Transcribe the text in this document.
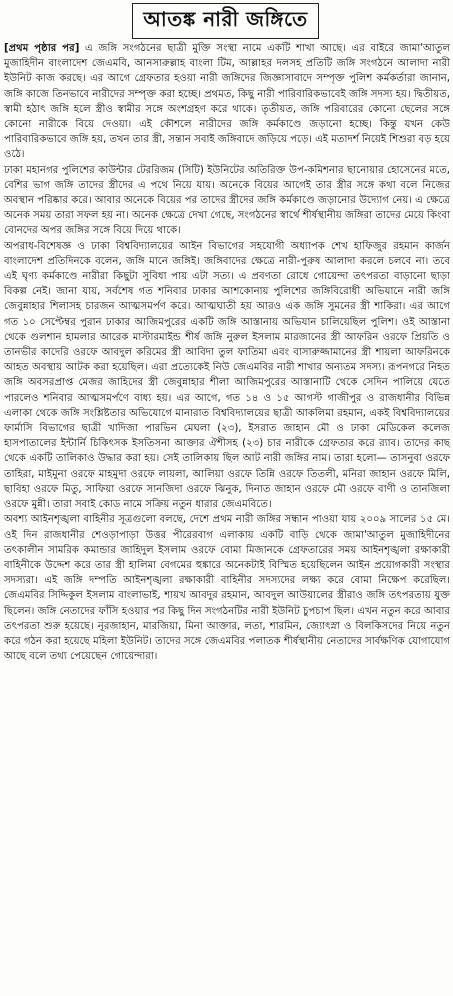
আতঙ্ক নারী জঙ্গিতে

[প্রথম পৃষ্ঠার পর] এ জঙ্গি সংগঠনের ছাত্রী মুক্তি সংস্থা নামে একটি শাখা আছে। এর বাইরে জামা'আতুল মুজাহিদীন বাংলাদেশ জেএমবি, আনসারুল্লাহ বাংলা টিম, আল্লাহর দলসহ প্রতিটি জঙ্গি সংগঠনে আলাদা নারী ইউনিট কাজ করছে। এর আগে গ্রেফতার হওয়া নারী জঙ্গিদের জিজ্ঞাসাবাদে সম্পৃক্ত পুলিশ কর্মকর্তারা জানান, জঙ্গি কাজে তিনভাবে নারীদের সম্পৃক্ত করা হচ্ছে। প্রথমত, কিছু নারী পারিবারিকভাবেই জঙ্গি সদস্য হয়। দ্বিতীয়ত, স্বামী হঠাৎ জঙ্গি হলে স্ত্রীও স্বামীর সঙ্গে অংশগ্রহণ করে থাকে। তৃতীয়ত, জঙ্গি পরিবারের কোনো ছেলের সঙ্গে কোনো নারীকে বিয়ে দেওয়া। এই কৌশলে নারীদের জঙ্গি কর্মকাণ্ডে জড়ানো হচ্ছে। কিন্তু যখন কেউ পারিবারিকভাবে জঙ্গি হয়, তখন তার স্ত্রী, সন্তান সবাই জঙ্গিবাদে জড়িয়ে পড়ে। এই মতাদর্শ নিয়েই শিশুরা বড় হয়ে ওঠে।

ঢাকা মহানগর পুলিশের কাউন্টার টেররিজম (সিটি) ইউনিটের অতিরিক্ত উপ-কমিশনার ছানোয়ার হোসেনের মতে, বেশির ভাগ জঙ্গি তাদের স্ত্রীদের এ পথে নিয়ে যায়। অনেকে বিয়ের আগেই তার স্ত্রীর সঙ্গে কথা বলে নিজের অবস্থান পরিষ্কার করে। আবার অনেকে বিয়ের পর তাদের স্ত্রীদের জঙ্গি কর্মকাণ্ডে জড়ানোর উদ্যোগ নেয়। এ ক্ষেত্রে অনেক সময় তারা সফল হয় না। অনেক ক্ষেত্রে দেখা গেছে, সংগঠনের স্বার্থে শীর্ষস্থানীয় জঙ্গিরা তাদের মেয়ে কিংবা বোনদের অপর জঙ্গির সঙ্গে বিয়ে দিয়ে থাকে।

অপরাধ-বিশেষজ্ঞ ও ঢাকা বিশ্ববিদ্যালয়ের আইন বিভাগের সহযোগী অধ্যাপক শেখ হাফিজুর রহমান কার্জন বাংলাদেশ প্রতিদিনকে বলেন, জঙ্গি মানে জঙ্গিই। জঙ্গিবাদের ক্ষেত্রে নারী-পুরুষ আলাদা করলে চলবে না। তবে এই ঘৃণ্য কর্মকাণ্ডে নারীরা কিছুটা সুবিধা পায় এটা সত্য। এ প্রবণতা রোধে গোয়েন্দা তৎপরতা বাড়ানো ছাড়া বিকল্প নেই। জানা যায়, সর্বশেষ গত শনিবার ঢাকার আশকোনায় পুলিশের জঙ্গিবিরোধী অভিযানে নারী জঙ্গি জেবুন্নাহার শিলাসহ চারজন আত্মসমর্পণ করে। আত্মঘাতী হয় আরও এক জঙ্গি সুমনের স্ত্রী শাকিরা। এর আগে গত ১০ সেপ্টেম্বর পুরান ঢাকার আজিমপুরের একটি জঙ্গি আস্তানায় অভিযান চালিয়েছিল পুলিশ। ওই আস্তানা থেকে গুলশান হামলার আরেক মাস্টারমাইন্ড শীর্ষ জঙ্গি নুরুল ইসলাম মারজানের স্ত্রী আফরিন ওরফে প্রিয়তি ও তানভীর কাদেরি ওরফে আবদুল করিমের স্ত্রী আবিদা তুল ফাতিমা এবং বাসারুজ্জামানের স্ত্রী শায়লা আফরিনকে আহত অবস্থায় আটক করা হয়েছিল। এরা প্রত্যেকেই নিউ জেএমবির নারী শাখার অন্যতম সদস্য। রূপনগরে নিহত জঙ্গি অবসরপ্রাপ্ত মেজর জাহিদের স্ত্রী জেবুন্নাহার শীলা আজিমপুরের আস্তানাটি থেকে সেদিন পালিয়ে যেতে পারলেও শনিবার আত্মসমর্পণে বাধ্য হয়। এর আগে, গত ১৪ ও ১৫ আগস্ট গাজীপুর ও রাজধানীর বিভিন্ন এলাকা থেকে জঙ্গি সংশ্লিষ্টতার অভিযোগে মানারাত বিশ্ববিদ্যালয়ের ছাত্রী আকলিমা রহমান, একই বিশ্ববিদ্যালয়ের ফার্মাসি বিভাগের ছাত্রী খাদিজা পারভিন মেঘলা (২৩), ইসরাত জাহান মৌ ও ঢাকা মেডিকেল কলেজ হাসপাতালের ইন্টার্নি চিকিৎসক ইসতিসনা আক্তার ঐশীসহ (২৩) চার নারীকে গ্রেফতার করে র‌্যাব। তাদের কাছ থেকে একটি তালিকাও উদ্ধার করা হয়। সেই তালিকায় ছিল আট নারী জঙ্গির নাম। তারা হলো— তাসনুবা ওরফে তাহিরা, মাইমুনা ওরফে মাহমুদা ওরফে লায়লা, আলিয়া ওরফে তিন্নি ওরফে তিতলী, মনিরা জাহান ওরফে মিলি, ছাবিহা ওরফে মিতু, সাফিয়া ওরফে সানজিদা ওরফে ঝিনুক, দিনাত জাহান ওরফে মৌ ওরফে বাণী ও তানজিলা ওরফে মুন্নী। তারা সবাই কোড নামে সক্রিয় নতুন ধারার জেএমবিতে।

অবশ্য আইনশৃঙ্খলা বাহিনীর সূত্রগুলো বলছে, দেশে প্রথম নারী জঙ্গির সন্ধান পাওয়া যায় ২০০৯ সালের ১৫ মে। ওই দিন রাজধানীর শেওড়াপাড়া উত্তর পীরেরবাগ এলাকায় একটি বাড়ি থেকে জামা'আতুল মুজাহিদীনের তৎকালীন সামরিক কমান্ডার জাহিদুল ইসলাম ওরফে বোমা মিজানকে গ্রেফতারের সময় আইনশৃঙ্খলা রক্ষাকারী বাহিনীকে উদ্দেশ করে তার স্ত্রী হালিমা বেগমের হুঙ্কারে অনেকটাই বিস্মিত হয়েছিলেন আইন প্রয়োগকারী সংস্থার সদস্যরা। এই জঙ্গি দম্পতি আইনশৃঙ্খলা রক্ষাকারী বাহিনীর সদস্যদের লক্ষ্য করে বোমা নিক্ষেপ করেছিল। জেএমবির সিদ্দিকুল ইসলাম বাংলাভাই, শায়খ আবদুর রহমান, আবদুল আউয়ালের স্ত্রীরাও জঙ্গি তৎপরতায় যুক্ত ছিলেন। জঙ্গি নেতাদের ফাঁসি হওয়ার পর কিছু দিন সংগঠনটির নারী ইউনিট চুপচাপ ছিল। এখন নতুন করে আবার তৎপরতা শুরু হয়েছে। নূরজাহান, মারজিয়া, মিনা আক্তার, লতা, শারমিন, জ্যোৎস্না ও বিলকিসদের নিয়ে নতুন করে গঠন করা হয়েছে মহিলা ইউনিট। তাদের সঙ্গে জেএমবির পলাতক শীর্ষস্থানীয় নেতাদের সার্বক্ষণিক যোগাযোগ আছে বলে তথ্য পেয়েছেন গোয়েন্দারা।
